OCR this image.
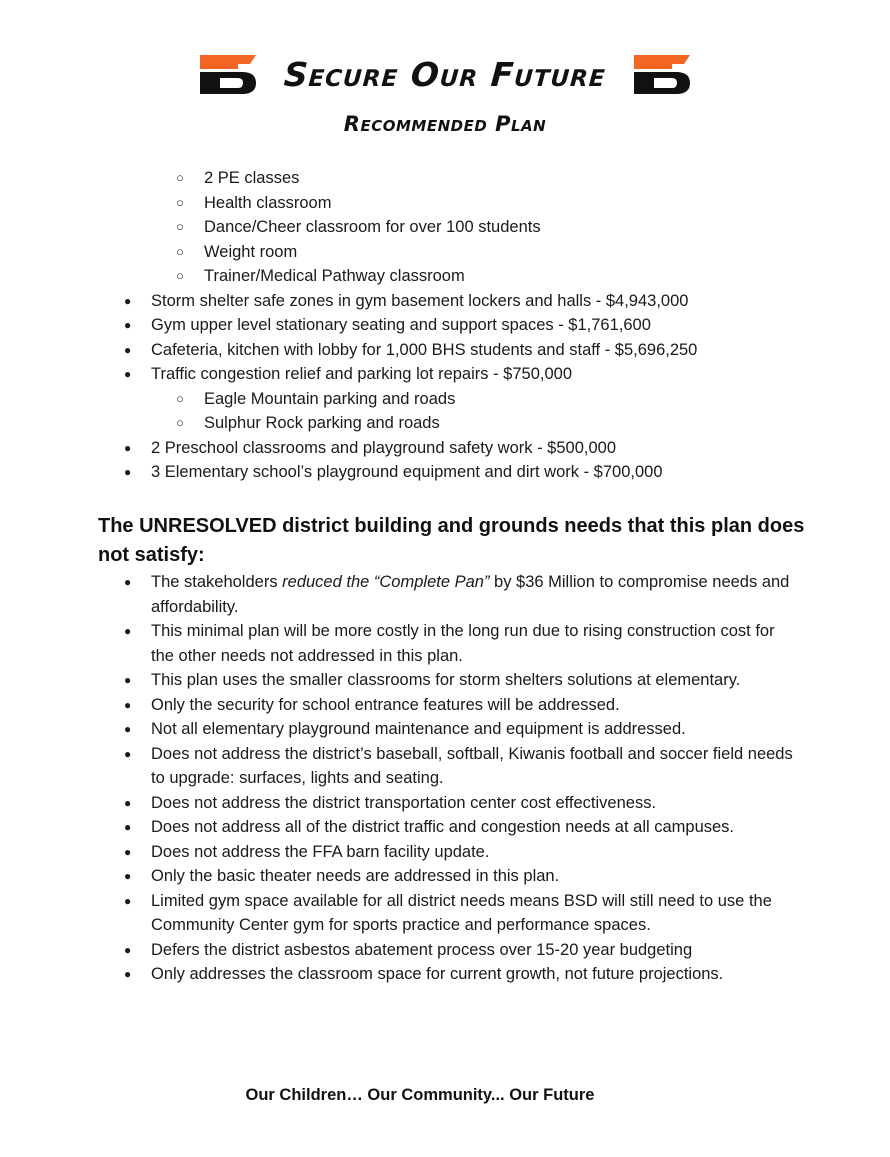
Secure Our Future
Recommended Plan
○ 2 PE classes
○ Health classroom
○ Dance/Cheer classroom for over 100 students
○ Weight room
○ Trainer/Medical Pathway classroom
● Storm shelter safe zones in gym basement lockers and halls - $4,943,000
● Gym upper level stationary seating and support spaces - $1,761,600
● Cafeteria, kitchen with lobby for 1,000 BHS students and staff - $5,696,250
● Traffic congestion relief and parking lot repairs - $750,000
○ Eagle Mountain parking and roads
○ Sulphur Rock parking and roads
● 2 Preschool classrooms and playground safety work - $500,000
● 3 Elementary school’s playground equipment and dirt work - $700,000
The UNRESOLVED district building and grounds needs that this plan does not satisfy:
● The stakeholders reduced the “Complete Pan” by $36 Million to compromise needs and affordability.
● This minimal plan will be more costly in the long run due to rising construction cost for the other needs not addressed in this plan.
● This plan uses the smaller classrooms for storm shelters solutions at elementary.
● Only the security for school entrance features will be addressed.
● Not all elementary playground maintenance and equipment is addressed.
● Does not address the district’s baseball, softball, Kiwanis football and soccer field needs to upgrade: surfaces, lights and seating.
● Does not address the district transportation center cost effectiveness.
● Does not address all of the district traffic and congestion needs at all campuses.
● Does not address the FFA barn facility update.
● Only the basic theater needs are addressed in this plan.
● Limited gym space available for all district needs means BSD will still need to use the Community Center gym for sports practice and performance spaces.
● Defers the district asbestos abatement process over 15-20 year budgeting
● Only addresses the classroom space for current growth, not future projections.
Our Children… Our Community... Our Future
